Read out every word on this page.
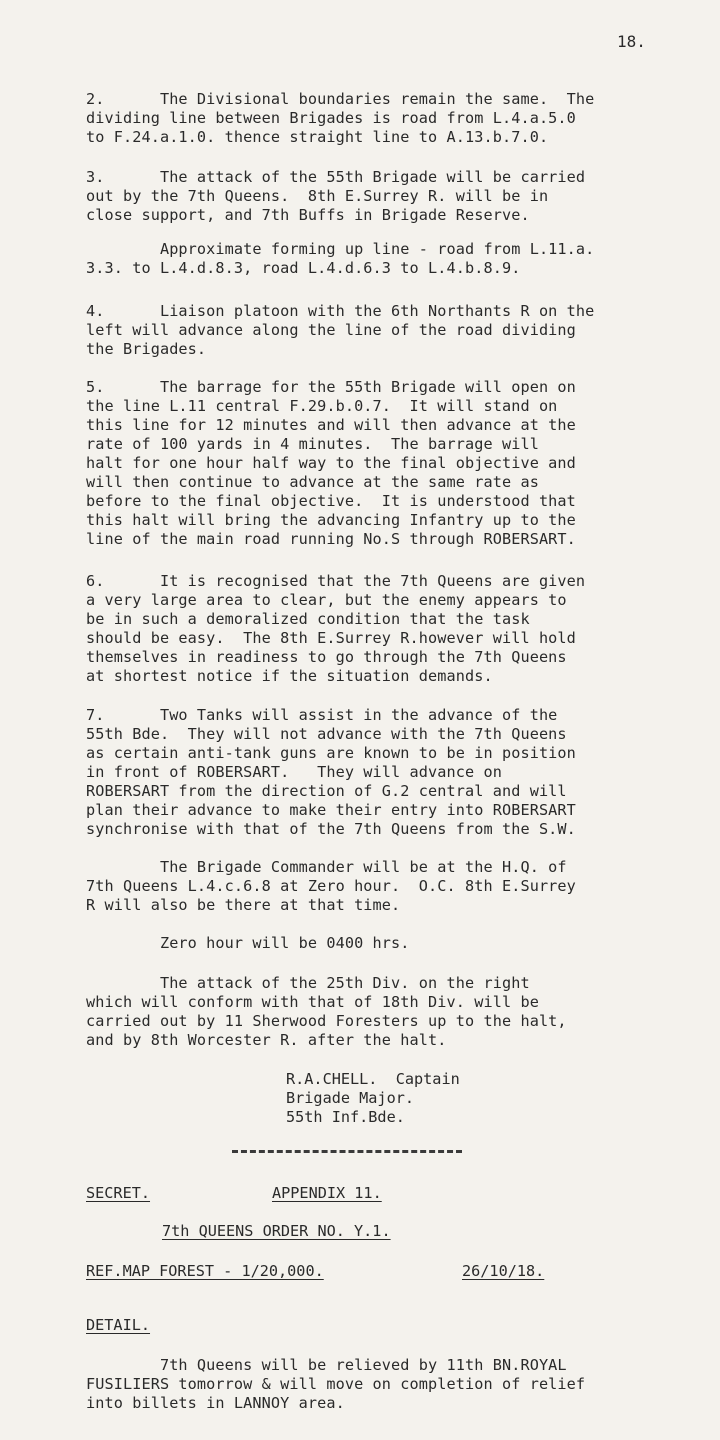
18.
2.      The Divisional boundaries remain the same.  The
dividing line between Brigades is road from L.4.a.5.0
to F.24.a.1.0. thence straight line to A.13.b.7.0.
3.      The attack of the 55th Brigade will be carried
out by the 7th Queens.  8th E.Surrey R. will be in
close support, and 7th Buffs in Brigade Reserve.
Approximate forming up line - road from L.11.a.
3.3. to L.4.d.8.3, road L.4.d.6.3 to L.4.b.8.9.
4.      Liaison platoon with the 6th Northants R on the
left will advance along the line of the road dividing
the Brigades.
5.      The barrage for the 55th Brigade will open on
the line L.11 central F.29.b.0.7.  It will stand on
this line for 12 minutes and will then advance at the
rate of 100 yards in 4 minutes.  The barrage will
halt for one hour half way to the final objective and
will then continue to advance at the same rate as
before to the final objective.  It is understood that
this halt will bring the advancing Infantry up to the
line of the main road running No.S through ROBERSART.
6.      It is recognised that the 7th Queens are given
a very large area to clear, but the enemy appears to
be in such a demoralized condition that the task
should be easy.  The 8th E.Surrey R.however will hold
themselves in readiness to go through the 7th Queens
at shortest notice if the situation demands.
7.      Two Tanks will assist in the advance of the
55th Bde.  They will not advance with the 7th Queens
as certain anti-tank guns are known to be in position
in front of ROBERSART.   They will advance on
ROBERSART from the direction of G.2 central and will
plan their advance to make their entry into ROBERSART
synchronise with that of the 7th Queens from the S.W.
The Brigade Commander will be at the H.Q. of
7th Queens L.4.c.6.8 at Zero hour.  O.C. 8th E.Surrey
R will also be there at that time.
Zero hour will be 0400 hrs.
The attack of the 25th Div. on the right
which will conform with that of 18th Div. will be
carried out by 11 Sherwood Foresters up to the halt,
and by 8th Worcester R. after the halt.
R.A.CHELL.  Captain
Brigade Major.
55th Inf.Bde.
SECRET.	APPENDIX 11.
7th QUEENS ORDER NO. Y.1.
REF.MAP FOREST - 1/20,000.	26/10/18.
DETAIL.
7th Queens will be relieved by 11th BN.ROYAL
FUSILIERS tomorrow & will move on completion of relief
into billets in LANNOY area.
